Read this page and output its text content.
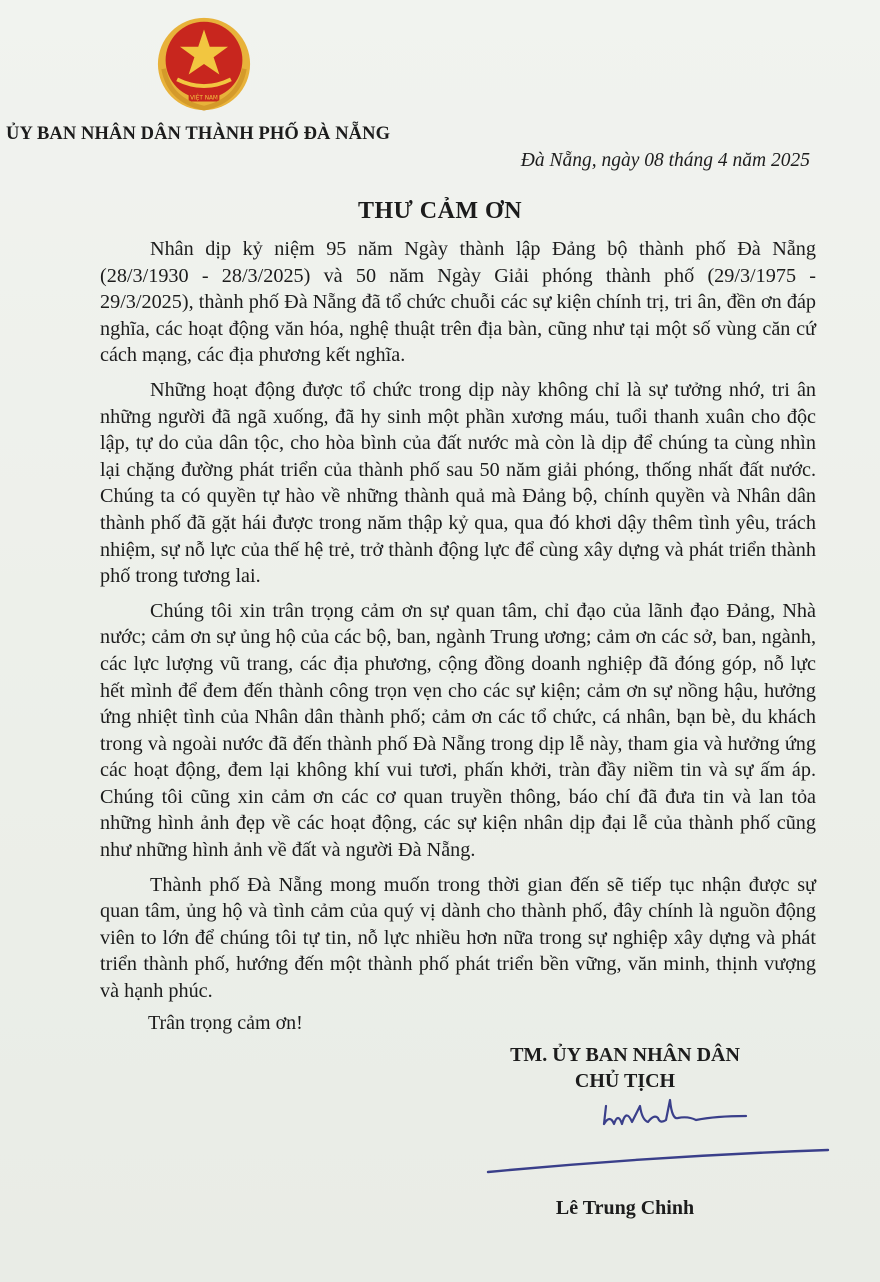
VIỆT NAM
ỦY BAN NHÂN DÂN THÀNH PHỐ ĐÀ NẴNG
Đà Nẵng, ngày 08 tháng 4 năm 2025
THƯ CẢM ƠN

Nhân dịp kỷ niệm 95 năm Ngày thành lập Đảng bộ thành phố Đà Nẵng (28/3/1930 - 28/3/2025) và 50 năm Ngày Giải phóng thành phố (29/3/1975 - 29/3/2025), thành phố Đà Nẵng đã tổ chức chuỗi các sự kiện chính trị, tri ân, đền ơn đáp nghĩa, các hoạt động văn hóa, nghệ thuật trên địa bàn, cũng như tại một số vùng căn cứ cách mạng, các địa phương kết nghĩa.

Những hoạt động được tổ chức trong dịp này không chỉ là sự tưởng nhớ, tri ân những người đã ngã xuống, đã hy sinh một phần xương máu, tuổi thanh xuân cho độc lập, tự do của dân tộc, cho hòa bình của đất nước mà còn là dịp để chúng ta cùng nhìn lại chặng đường phát triển của thành phố sau 50 năm giải phóng, thống nhất đất nước. Chúng ta có quyền tự hào về những thành quả mà Đảng bộ, chính quyền và Nhân dân thành phố đã gặt hái được trong năm thập kỷ qua, qua đó khơi dậy thêm tình yêu, trách nhiệm, sự nỗ lực của thế hệ trẻ, trở thành động lực để cùng xây dựng và phát triển thành phố trong tương lai.

Chúng tôi xin trân trọng cảm ơn sự quan tâm, chỉ đạo của lãnh đạo Đảng, Nhà nước; cảm ơn sự ủng hộ của các bộ, ban, ngành Trung ương; cảm ơn các sở, ban, ngành, các lực lượng vũ trang, các địa phương, cộng đồng doanh nghiệp đã đóng góp, nỗ lực hết mình để đem đến thành công trọn vẹn cho các sự kiện; cảm ơn sự nồng hậu, hưởng ứng nhiệt tình của Nhân dân thành phố; cảm ơn các tổ chức, cá nhân, bạn bè, du khách trong và ngoài nước đã đến thành phố Đà Nẵng trong dịp lễ này, tham gia và hưởng ứng các hoạt động, đem lại không khí vui tươi, phấn khởi, tràn đầy niềm tin và sự ấm áp. Chúng tôi cũng xin cảm ơn các cơ quan truyền thông, báo chí đã đưa tin và lan tỏa những hình ảnh đẹp về các hoạt động, các sự kiện nhân dịp đại lễ của thành phố cũng như những hình ảnh về đất và người Đà Nẵng.

Thành phố Đà Nẵng mong muốn trong thời gian đến sẽ tiếp tục nhận được sự quan tâm, ủng hộ và tình cảm của quý vị dành cho thành phố, đây chính là nguồn động viên to lớn để chúng tôi tự tin, nỗ lực nhiều hơn nữa trong sự nghiệp xây dựng và phát triển thành phố, hướng đến một thành phố phát triển bền vững, văn minh, thịnh vượng và hạnh phúc.

Trân trọng cảm ơn!
TM. ỦY BAN NHÂN DÂN
CHỦ TỊCH
Lê Trung Chinh
